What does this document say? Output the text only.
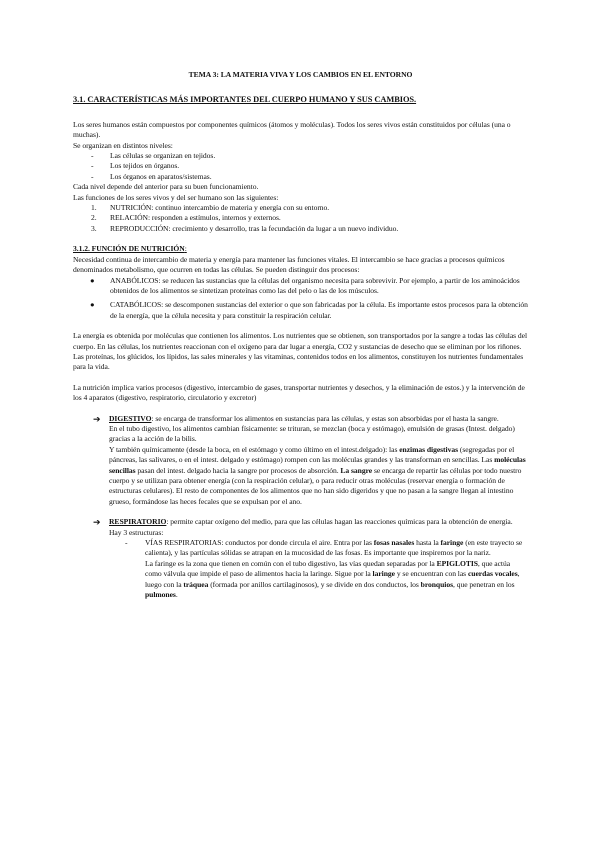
TEMA 3: LA MATERIA VIVA Y LOS CAMBIOS EN EL ENTORNO

3.1. CARACTERÍSTICAS MÁS IMPORTANTES DEL CUERPO HUMANO Y SUS CAMBIOS.

Los seres humanos están compuestos por componentes químicos (átomos y moléculas). Todos los seres vivos están constituidos por células (una o muchas).

Se organizan en distintos niveles:

- Las células se organizan en tejidos.
- Los tejidos en órganos.
- Los órganos en aparatos/sistemas.

Cada nivel depende del anterior para su buen funcionamiento.

Las funciones de los seres vivos y del ser humano son las siguientes:

1. NUTRICIÓN: continuo intercambio de materia y energía con su entorno.
2. RELACIÓN: responden a estímulos, internos y externos.
3. REPRODUCCIÓN: crecimiento y desarrollo, tras la fecundación da lugar a un nuevo individuo.

3.1.2. FUNCIÓN DE NUTRICIÓN:

Necesidad continua de intercambio de materia y energía para mantener las funciones vitales. El intercambio se hace gracias a procesos químicos denominados metabolismo, que ocurren en todas las células. Se pueden distinguir dos procesos:

● ANABÓLICOS: se reducen las sustancias que la células del organismo necesita para sobrevivir. Por ejemplo, a partir de los aminoácidos obtenidos de los alimentos se sintetizan proteínas como las del pelo o las de los músculos.
● CATABÓLICOS: se descomponen sustancias del exterior o que son fabricadas por la célula. Es importante estos procesos para la obtención de la energía, que la célula necesita y para constituir la respiración celular.

La energía es obtenida por moléculas que contienen los alimentos. Los nutrientes que se obtienen, son transportados por la sangre a todas las células del cuerpo. En las células, los nutrientes reaccionan con el oxígeno para dar lugar a energía, CO2 y sustancias de desecho que se eliminan por los riñones.

Las proteínas, los glúcidos, los lípidos, las sales minerales y las vitaminas, contenidos todos en los alimentos, constituyen los nutrientes fundamentales para la vida.

La nutrición implica varios procesos (digestivo, intercambio de gases, transportar nutrientes y desechos, y la eliminación de estos.) y la intervención de los 4 aparatos (digestivo, respiratorio, circulatorio y excretor)

➔ DIGESTIVO: se encarga de transformar los alimentos en sustancias para las células, y estas son absorbidas por el hasta la sangre.

En el tubo digestivo, los alimentos cambian físicamente: se trituran, se mezclan (boca y estómago), emulsión de grasas (Intest. delgado) gracias a la acción de la bilis.

Y también químicamente (desde la boca, en el estómago y como último en el intest.delgado): las enzimas digestivas (segregadas por el páncreas, las salivares, o en el intest. delgado y estómago) rompen con las moléculas grandes y las transforman en sencillas. Las moléculas sencillas pasan del intest. delgado hacia la sangre por procesos de absorción. La sangre se encarga de repartir las células por todo nuestro cuerpo y se utilizan para obtener energía (con la respiración celular), o para reducir otras moléculas (reservar energía o formación de estructuras celulares). El resto de componentes de los alimentos que no han sido digeridos y que no pasan a la sangre llegan al intestino grueso, formándose las heces fecales que se expulsan por el ano.

➔ RESPIRATORIO: permite captar oxígeno del medio, para que las células hagan las reacciones químicas para la obtención de energía.

Hay 3 estructuras:

- VÍAS RESPIRATORIAS: conductos por donde circula el aire. Entra por las fosas nasales hasta la faringe (en este trayecto se calienta), y las partículas sólidas se atrapan en la mucosidad de las fosas. Es importante que inspiremos por la nariz.

La faringe es la zona que tienen en común con el tubo digestivo, las vías quedan separadas por la EPIGLOTIS, que actúa como válvula que impide el paso de alimentos hacia la laringe. Sigue por la laringe y se encuentran con las cuerdas vocales, luego con la tráquea (formada por anillos cartilaginosos), y se divide en dos conductos, los bronquios, que penetran en los pulmones.
